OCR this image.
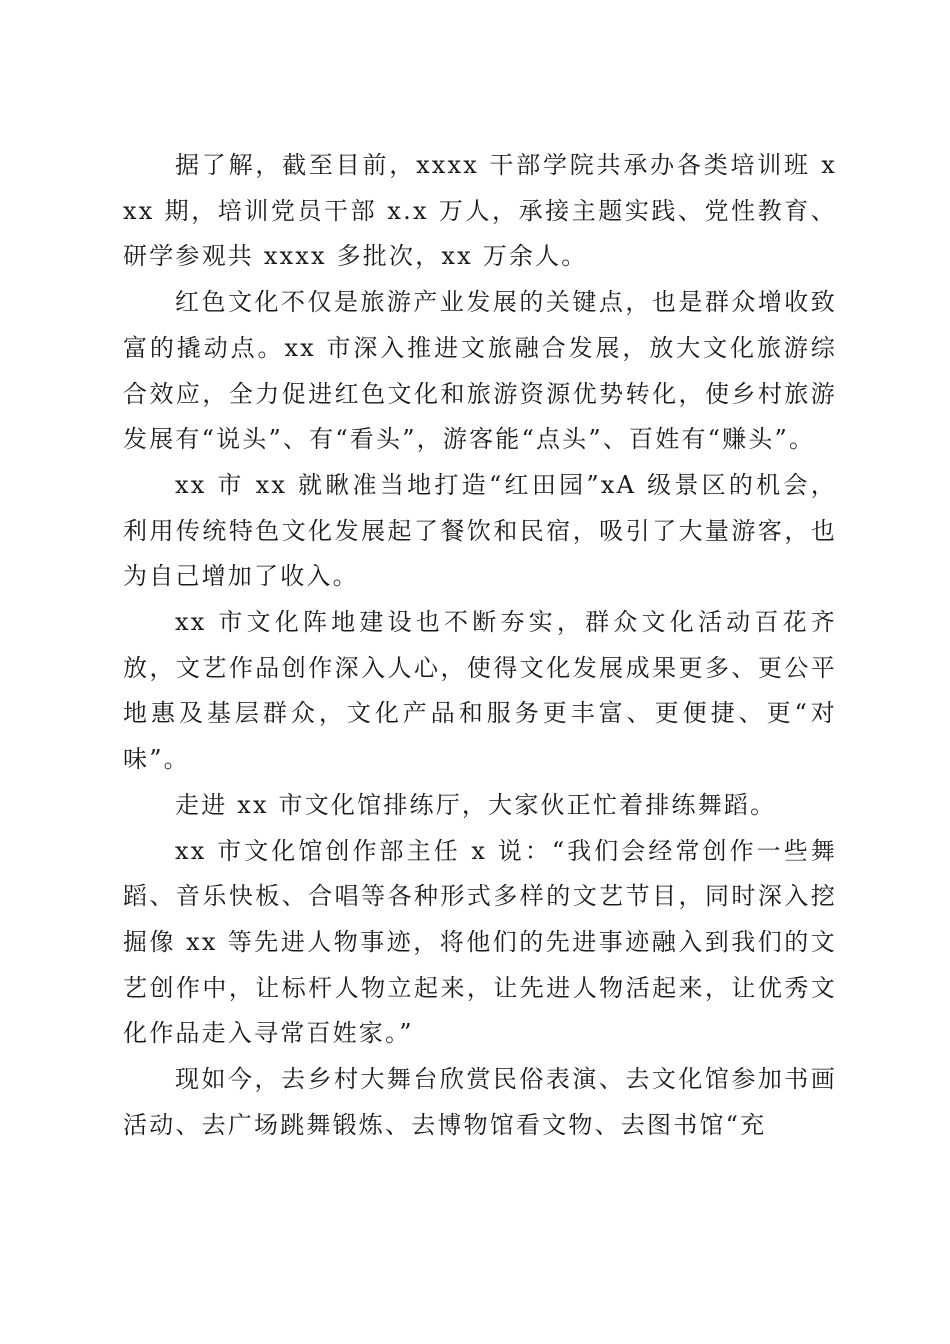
据了解，截至目前，xxxx 干部学院共承办各类培训班 xxx 期，培训党员干部 x.x 万人，承接主题实践、党性教育、研学参观共 xxxx 多批次，xx 万余人。

红色文化不仅是旅游产业发展的关键点，也是群众增收致富的撬动点。xx 市深入推进文旅融合发展，放大文化旅游综合效应，全力促进红色文化和旅游资源优势转化，使乡村旅游发展有“说头”、有“看头”，游客能“点头”、百姓有“赚头”。

xx 市 xx 就瞅准当地打造“红田园”xA 级景区的机会，利用传统特色文化发展起了餐饮和民宿，吸引了大量游客，也为自己增加了收入。

xx 市文化阵地建设也不断夯实，群众文化活动百花齐放，文艺作品创作深入人心，使得文化发展成果更多、更公平地惠及基层群众，文化产品和服务更丰富、更便捷、更“对味”。

走进 xx 市文化馆排练厅，大家伙正忙着排练舞蹈。

xx 市文化馆创作部主任 x 说：“我们会经常创作一些舞蹈、音乐快板、合唱等各种形式多样的文艺节目，同时深入挖掘像 xx 等先进人物事迹，将他们的先进事迹融入到我们的文艺创作中，让标杆人物立起来，让先进人物活起来，让优秀文化作品走入寻常百姓家。”

现如今，去乡村大舞台欣赏民俗表演、去文化馆参加书画活动、去广场跳舞锻炼、去博物馆看文物、去图书馆“充
